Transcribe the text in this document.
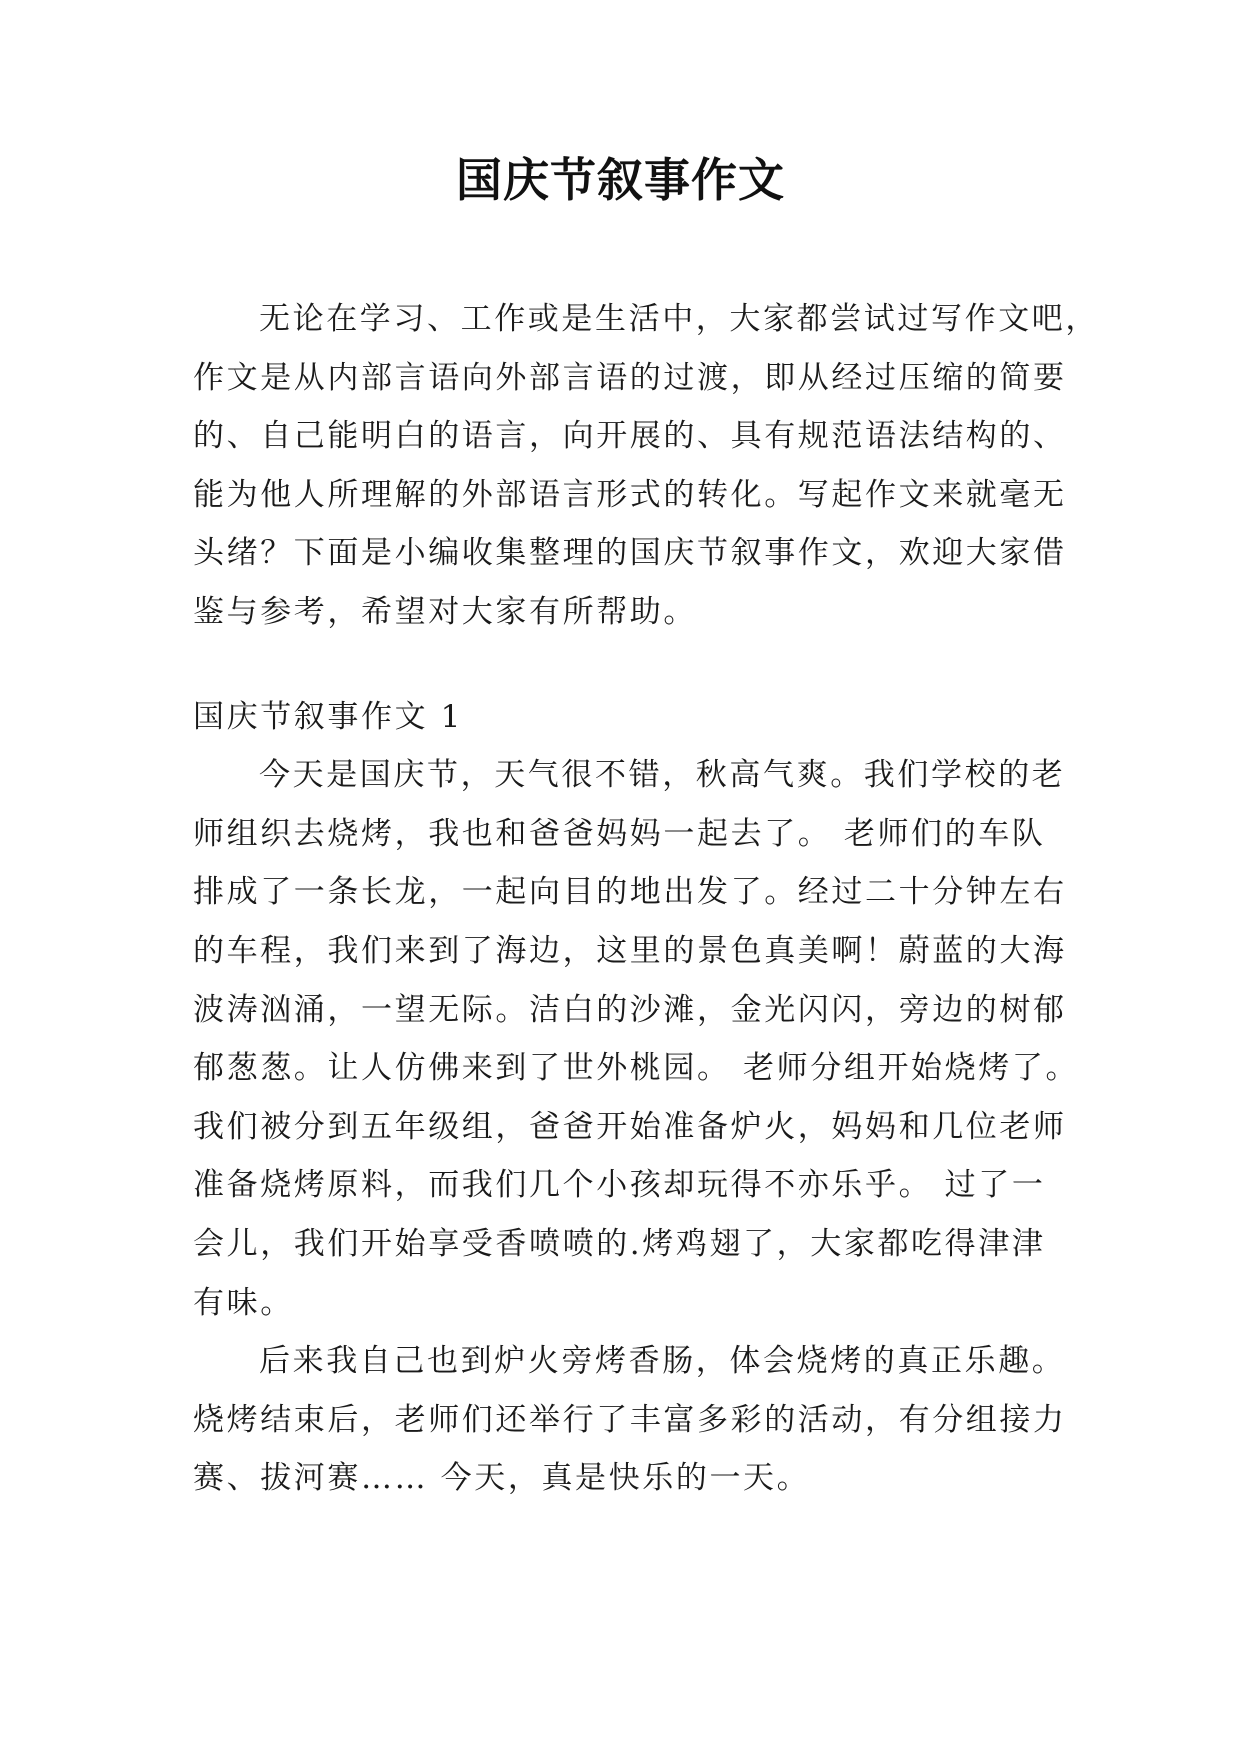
国庆节叙事作文
无论在学习、工作或是生活中，大家都尝试过写作文吧，
作文是从内部言语向外部言语的过渡，即从经过压缩的简要
的、自己能明白的语言，向开展的、具有规范语法结构的、
能为他人所理解的外部语言形式的转化。写起作文来就毫无
头绪？下面是小编收集整理的国庆节叙事作文，欢迎大家借
鉴与参考，希望对大家有所帮助。
国庆节叙事作文 1
今天是国庆节，天气很不错，秋高气爽。我们学校的老
师组织去烧烤，我也和爸爸妈妈一起去了。 老师们的车队
排成了一条长龙，一起向目的地出发了。经过二十分钟左右
的车程，我们来到了海边，这里的景色真美啊！蔚蓝的大海
波涛汹涌，一望无际。洁白的沙滩，金光闪闪，旁边的树郁
郁葱葱。让人仿佛来到了世外桃园。 老师分组开始烧烤了。
我们被分到五年级组，爸爸开始准备炉火，妈妈和几位老师
准备烧烤原料，而我们几个小孩却玩得不亦乐乎。 过了一
会儿，我们开始享受香喷喷的.烤鸡翅了，大家都吃得津津
有味。
后来我自己也到炉火旁烤香肠，体会烧烤的真正乐趣。
烧烤结束后，老师们还举行了丰富多彩的活动，有分组接力
赛、拔河赛…… 今天，真是快乐的一天。
